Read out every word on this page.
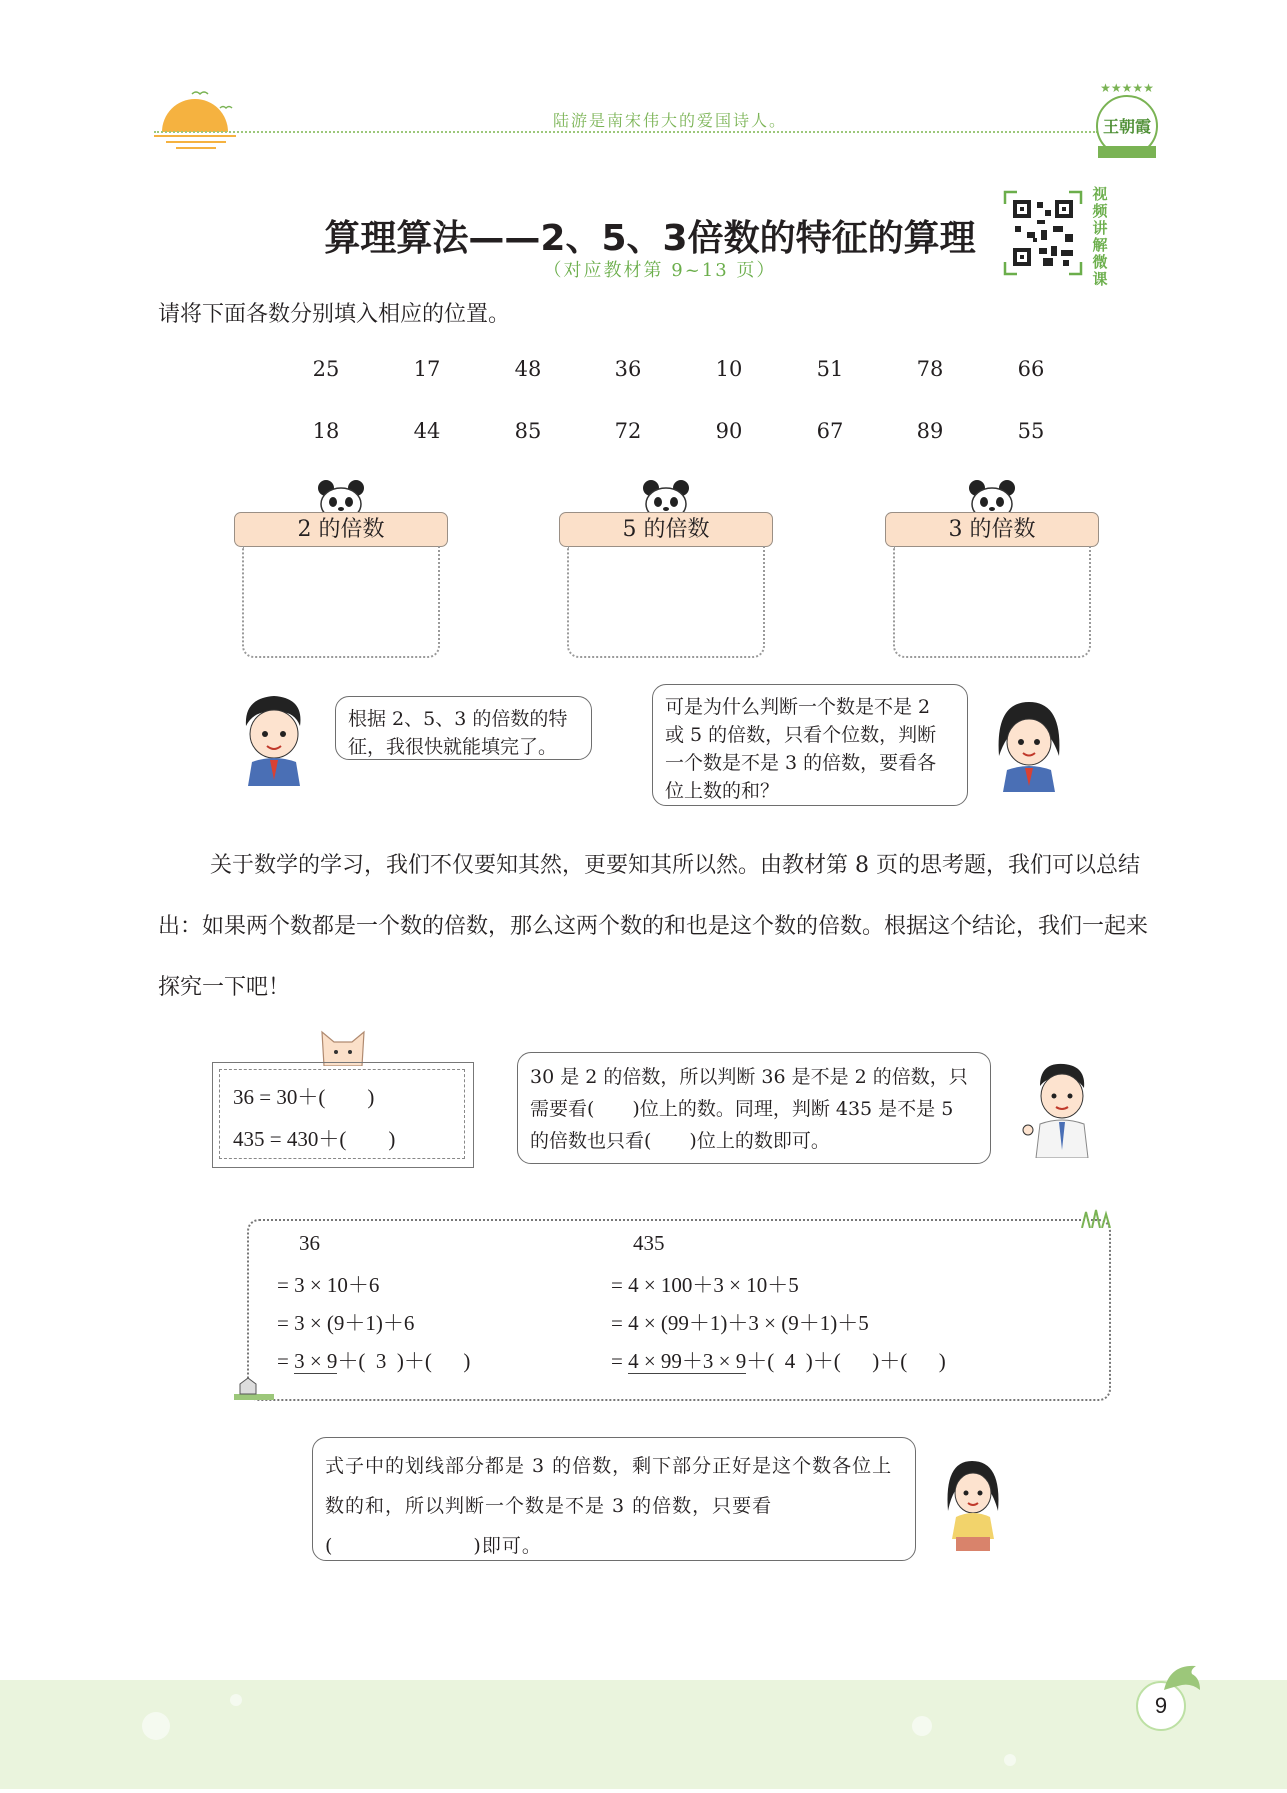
陆游是南宋伟大的爱国诗人。
★★★★★
王朝霞
算理算法——2、5、3倍数的特征的算理
（对应教材第 9~13 页）
视频讲解微课
请将下面各数分别填入相应的位置。
25	17	48	36	10	51	78	66
18	44	85	72	90	67	89	55
2 的倍数	5 的倍数	3 的倍数
根据 2、5、3 的倍数的特征，我很快就能填完了。
可是为什么判断一个数是不是 2 或 5 的倍数，只看个位数，判断一个数是不是 3 的倍数，要看各位上数的和？
关于数学的学习，我们不仅要知其然，更要知其所以然。由教材第 8 页的思考题，我们可以总结出：如果两个数都是一个数的倍数，那么这两个数的和也是这个数的倍数。根据这个结论，我们一起来探究一下吧！
36 = 30＋(　　)
435 = 430＋(　　)
30 是 2 的倍数，所以判断 36 是不是 2 的倍数，只需要看(　　)位上的数。同理，判断 435 是不是 5 的倍数也只看(　　)位上的数即可。
36
= 3 × 10＋6
= 3 × (9＋1)＋6
= 3 × 9＋(  3  )＋(      )
435
= 4 × 100＋3 × 10＋5
= 4 × (99＋1)＋3 × (9＋1)＋5
= 4 × 99＋3 × 9＋(  4  )＋(      )＋(      )
式子中的划线部分都是 3 的倍数，剩下部分正好是这个数各位上数的和，所以判断一个数是不是 3 的倍数，只要看(　　　　　　　)即可。
9
